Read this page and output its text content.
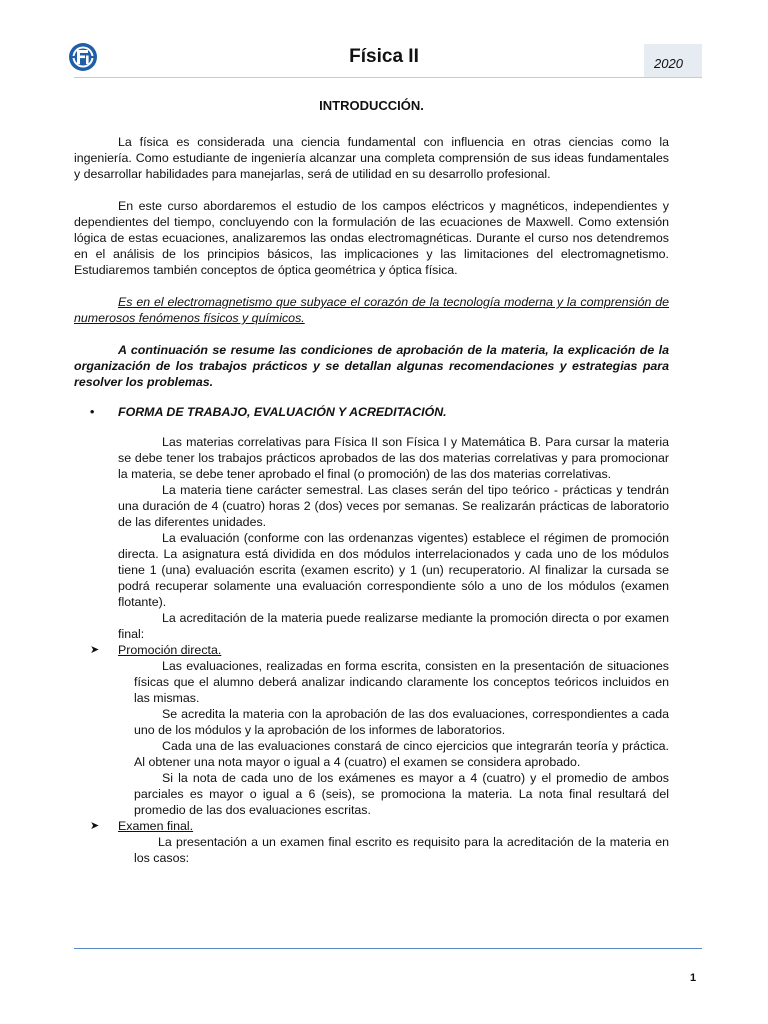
Física II	2020
INTRODUCCIÓN.

La física es considerada una ciencia fundamental con influencia en otras ciencias como la ingeniería. Como estudiante de ingeniería alcanzar una completa comprensión de sus ideas fundamentales y desarrollar habilidades para manejarlas, será de utilidad en su desarrollo profesional.

En este curso abordaremos el estudio de los campos eléctricos y magnéticos, independientes y dependientes del tiempo, concluyendo con la formulación de las ecuaciones de Maxwell. Como extensión lógica de estas ecuaciones, analizaremos las ondas electromagnéticas. Durante el curso nos detendremos en el análisis de los principios básicos, las implicaciones y las limitaciones del electromagnetismo. Estudiaremos también conceptos de óptica geométrica y óptica física.

Es en el electromagnetismo que subyace el corazón de la tecnología moderna y la comprensión de numerosos fenómenos físicos y químicos.

A continuación se resume las condiciones de aprobación de la materia, la explicación de la organización de los trabajos prácticos y se detallan algunas recomendaciones y estrategias para resolver los problemas.

• FORMA DE TRABAJO, EVALUACIÓN Y ACREDITACIÓN.

Las materias correlativas para Física II son Física I y Matemática B. Para cursar la materia se debe tener los trabajos prácticos aprobados de las dos materias correlativas y para promocionar la materia, se debe tener aprobado el final (o promoción) de las dos materias correlativas.

La materia tiene carácter semestral. Las clases serán del tipo teórico - prácticas y tendrán una duración de 4 (cuatro) horas 2 (dos) veces por semanas. Se realizarán prácticas de laboratorio de las diferentes unidades.

La evaluación (conforme con las ordenanzas vigentes) establece el régimen de promoción directa. La asignatura está dividida en dos módulos interrelacionados y cada uno de los módulos tiene 1 (una) evaluación escrita (examen escrito) y 1 (un) recuperatorio. Al finalizar la cursada se podrá recuperar solamente una evaluación correspondiente sólo a uno de los módulos (examen flotante).

La acreditación de la materia puede realizarse mediante la promoción directa o por examen final:

➤ Promoción directa.

Las evaluaciones, realizadas en forma escrita, consisten en la presentación de situaciones físicas que el alumno deberá analizar indicando claramente los conceptos teóricos incluidos en las mismas.

Se acredita la materia con la aprobación de las dos evaluaciones, correspondientes a cada uno de los módulos y la aprobación de los informes de laboratorios.

Cada una de las evaluaciones constará de cinco ejercicios que integrarán teoría y práctica. Al obtener una nota mayor o igual a 4 (cuatro) el examen se considera aprobado.

Si la nota de cada uno de los exámenes es mayor a 4 (cuatro) y el promedio de ambos parciales es mayor o igual a 6 (seis), se promociona la materia. La nota final resultará del promedio de las dos evaluaciones escritas.

➤ Examen final.

La presentación a un examen final escrito es requisito para la acreditación de la materia en los casos:

1
